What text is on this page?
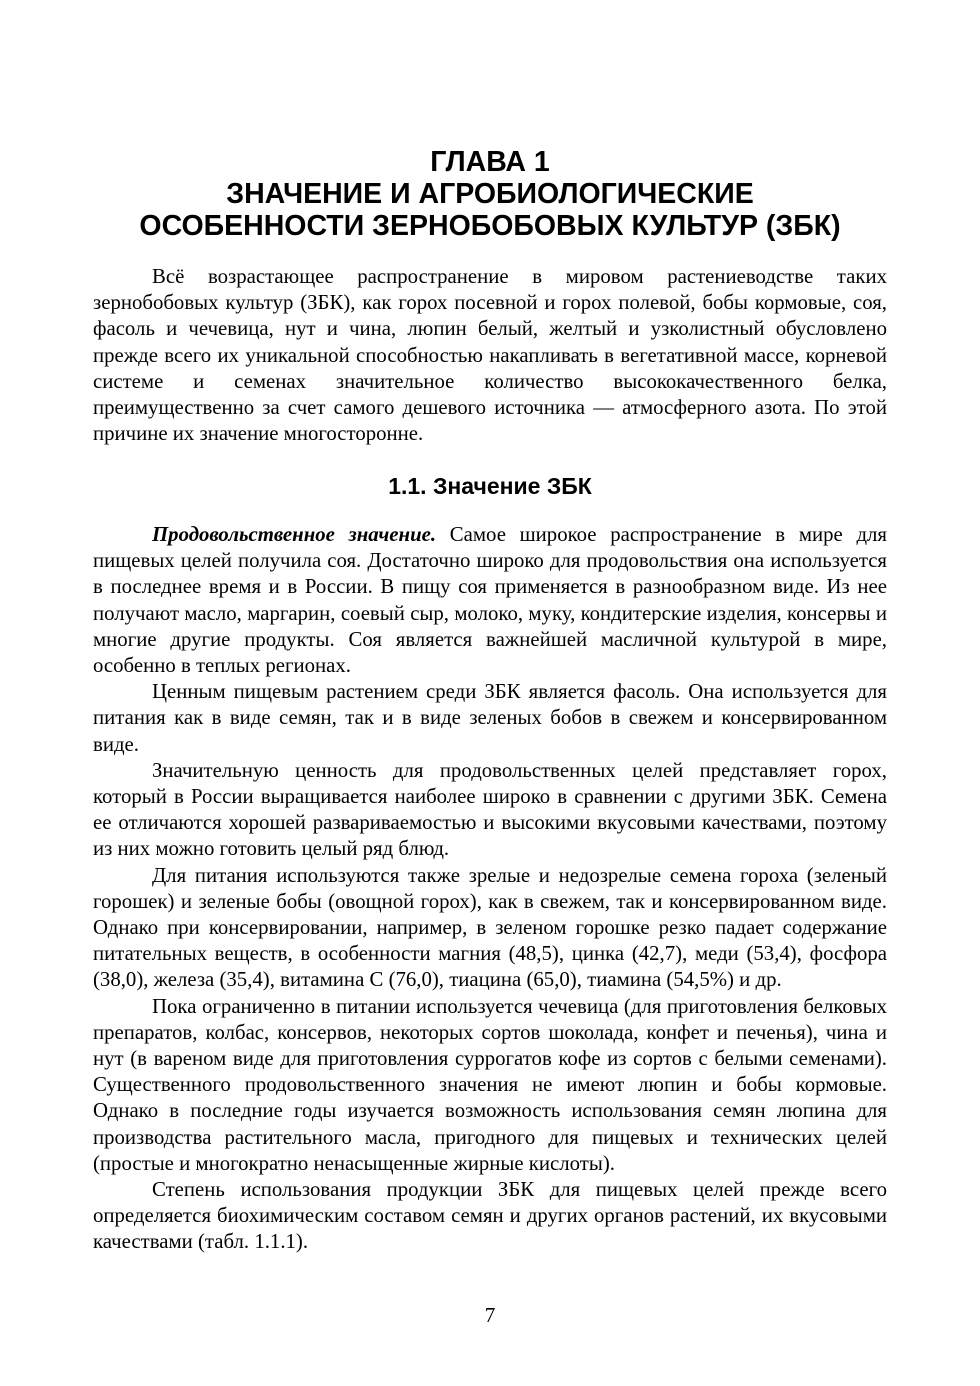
ГЛАВА 1
ЗНАЧЕНИЕ И АГРОБИОЛОГИЧЕСКИЕ
ОСОБЕННОСТИ ЗЕРНОБОБОВЫХ КУЛЬТУР (ЗБК)

Всё возрастающее распространение в мировом растениеводстве таких зернобобовых культур (ЗБК), как горох посевной и горох полевой, бобы кормовые, соя, фасоль и чечевица, нут и чина, люпин белый, желтый и узколистный обусловлено прежде всего их уникальной способностью накапливать в вегетативной массе, корневой системе и семенах значительное количество высококачественного белка, преимущественно за счет самого дешевого источника — атмосферного азота. По этой причине их значение многосторонне.

1.1. Значение ЗБК

Продовольственное значение. Самое широкое распространение в мире для пищевых целей получила соя. Достаточно широко для продовольствия она используется в последнее время и в России. В пищу соя применяется в разнообразном виде. Из нее получают масло, маргарин, соевый сыр, молоко, муку, кондитерские изделия, консервы и многие другие продукты. Соя является важнейшей масличной культурой в мире, особенно в теплых регионах.

Ценным пищевым растением среди ЗБК является фасоль. Она используется для питания как в виде семян, так и в виде зеленых бобов в свежем и консервированном виде.

Значительную ценность для продовольственных целей представляет горох, который в России выращивается наиболее широко в сравнении с другими ЗБК. Семена ее отличаются хорошей развариваемостью и высокими вкусовыми качествами, поэтому из них можно готовить целый ряд блюд.

Для питания используются также зрелые и недозрелые семена гороха (зеленый горошек) и зеленые бобы (овощной горох), как в свежем, так и консервированном виде. Однако при консервировании, например, в зеленом горошке резко падает содержание питательных веществ, в особенности магния (48,5), цинка (42,7), меди (53,4), фосфора (38,0), железа (35,4), витамина С (76,0), тиацина (65,0), тиамина (54,5%) и др.

Пока ограниченно в питании используется чечевица (для приготовления белковых препаратов, колбас, консервов, некоторых сортов шоколада, конфет и печенья), чина и нут (в вареном виде для приготовления суррогатов кофе из сортов с белыми семенами). Существенного продовольственного значения не имеют люпин и бобы кормовые. Однако в последние годы изучается возможность использования семян люпина для производства растительного масла, пригодного для пищевых и технических целей (простые и многократно ненасыщенные жирные кислоты).

Степень использования продукции ЗБК для пищевых целей прежде всего определяется биохимическим составом семян и других органов растений, их вкусовыми качествами (табл. 1.1.1).

7
